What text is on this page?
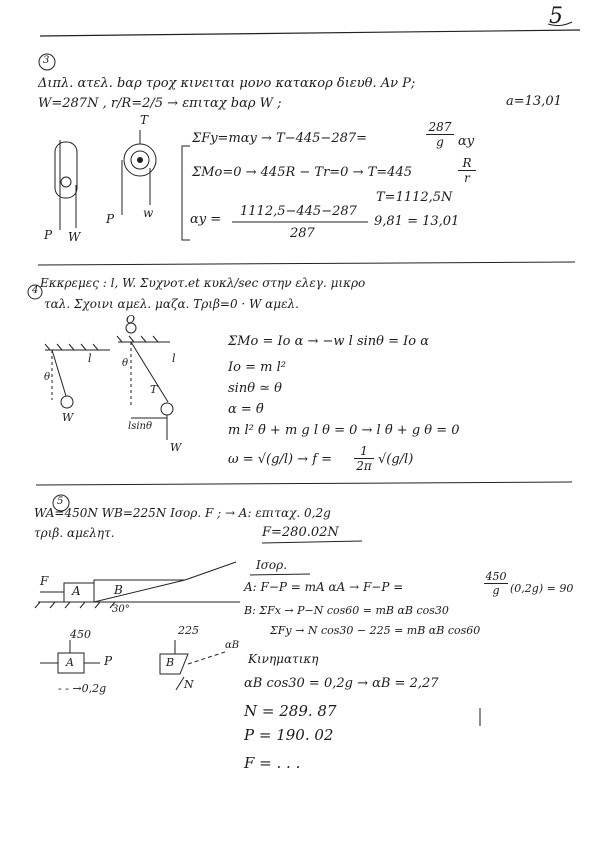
5
3
Διπλ. ατελ. bαρ τροχ κινειται μονο κατακορ διευθ. Αν Ρ;
W=287N , r/R=2/5 → επιταχ bαρ W ;	a=13,01
T
P W
P w
ΣFy=mαy → T−445−287=	$\frac{287}{g}$ αy
ΣMo=0 → 445R − Tr=0 → T=445	$\frac{R}{r}$
T=1112,5N
αy =
1112,5−445−287
287
9,81 = 13,01
4
Εκκρεμες : l, W. Συχνοτ.et κυκλ/sec στην ελεγ. μικρο
ταλ. Σχοινι αμελ. μαζα. Τριβ=0 · W αμελ.
θ
l
W
O
θ	l
T
lsinθ
W
ΣMo = Io α → −w l sinθ = Io α
Io = m l²
sinθ ≃ θ
α = θ̈
m l² θ̈ + m g l θ = 0 → l θ̈ + g θ = 0
$\omega = √(g/l) \to f = \frac{1}{2\pi} √(g/l)$
5
WA=450N WB=225N Ισορ. F ; → A: επιταχ. 0,2g
τριβ. αμελητ.	F=280.02N
Ισορ.
A: F−P = mA αA → F−P =	$\frac{450}{g} (0,2g) = 90$
B: ΣFx → P−N cos60 = mB αB cos30
ΣFy → N cos30 − 225 = mB αB cos60
Κινηματικη
αB cos30 = 0,2g → αB = 2,27
N = 289. 87
P = 190. 02
F = . . .
F
A	B
30°
450	225
A	B
P
N
αB
- - →0,2g
